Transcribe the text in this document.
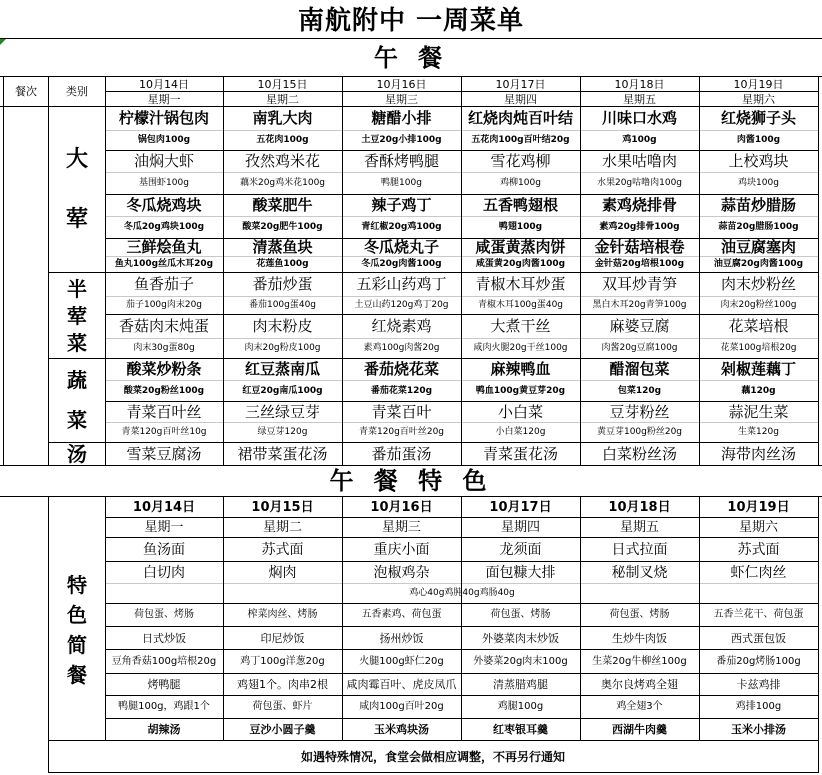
南航附中 一周菜单
午 餐
餐次	类别
10月14日	10月15日	10月16日	10月17日	10月18日	10月19日
星期一	星期二	星期三	星期四	星期五	星期六
大
荤
半
荤
菜
蔬
菜
汤
柠檬汁锅包肉	南乳大肉	糖醋小排	红烧肉炖百叶结	川味口水鸡	红烧狮子头
锅包肉100g	五花肉100g	土豆20g小排100g	五花肉100g百叶结20g	鸡100g	肉酱100g
油焖大虾	孜然鸡米花	香酥烤鸭腿	雪花鸡柳	水果咕噜肉	上校鸡块
基围虾100g	藕米20g鸡米花100g	鸭腿100g	鸡柳100g	水果20g咕噜肉100g	鸡块100g
冬瓜烧鸡块	酸菜肥牛	辣子鸡丁	五香鸭翅根	素鸡烧排骨	蒜苗炒腊肠
冬瓜20g鸡块100g	酸菜20g肥牛100g	青红椒20g鸡100g	鸭翅100g	素鸡20g排骨100g	蒜苗20g腊肠100g
三鲜烩鱼丸	清蒸鱼块	冬瓜烧丸子	咸蛋黄蒸肉饼	金针菇培根卷	油豆腐塞肉
鱼丸100g丝瓜木耳20g	花莲鱼100g	冬瓜20g肉酱100g	咸蛋黄20g肉酱100g	金针菇20g培根100g	油豆腐20g肉酱100g
鱼香茄子	番茄炒蛋	五彩山药鸡丁	青椒木耳炒蛋	双耳炒青笋	肉末炒粉丝
茄子100g肉末20g	番茄100g蛋40g	土豆山药120g鸡丁20g	青椒木耳100g蛋40g	黑白木耳20g青笋100g	肉末20g粉丝100g
香菇肉末炖蛋	肉末粉皮	红烧素鸡	大煮干丝	麻婆豆腐	花菜培根
肉末30g蛋80g	肉末20g粉皮100g	素鸡100g肉酱20g	咸肉火腿20g干丝100g	肉酱20g豆腐100g	花菜100g培根20g
酸菜炒粉条	红豆蒸南瓜	番茄烧花菜	麻辣鸭血	醋溜包菜	剁椒莲藕丁
酸菜20g粉丝100g	红豆20g南瓜100g	番茄花菜120g	鸭血100g黄豆芽20g	包菜120g	藕120g
青菜百叶丝	三丝绿豆芽	青菜百叶	小白菜	豆芽粉丝	蒜泥生菜
青菜120g百叶丝10g	绿豆芽120g	青菜120g百叶丝20g	小白菜120g	黄豆芽100g粉丝20g	生菜120g
雪菜豆腐汤	裙带菜蛋花汤	番茄蛋汤	青菜蛋花汤	白菜粉丝汤	海带肉丝汤
午 餐 特 色
10月14日	10月15日	10月16日	10月17日	10月18日	10月19日
星期一	星期二	星期三	星期四	星期五	星期六
鱼汤面	苏式面	重庆小面	龙须面	日式拉面	苏式面
白切肉	焖肉	泡椒鸡杂	面包糠大排	秘制叉烧	虾仁肉丝
鸡心40g鸡肫40g鸡肠40g
荷包蛋、烤肠	榨菜肉丝、烤肠	五香素鸡、荷包蛋	荷包蛋、烤肠	荷包蛋、烤肠	五香兰花干、荷包蛋
日式炒饭	印尼炒饭	扬州炒饭	外婆菜肉末炒饭	生炒牛肉饭	西式蛋包饭
豆角香菇100g培根20g	鸡丁100g洋葱20g	火腿100g虾仁20g	外婆菜20g肉末100g	生菜20g牛柳丝100g	番茄20g烤肠100g
烤鸭腿	鸡翅1个。肉串2根	咸肉霉百叶、虎皮凤爪	清蒸腊鸡腿	奥尔良烤鸡全翅	卡兹鸡排
鸭腿100g，鸡跟1个	荷包蛋、虾片	咸肉100g百叶20g	鸡腿100g	鸡全翅3个	鸡排100g
胡辣汤	豆沙小圆子羹	玉米鸡块汤	红枣银耳羹	西湖牛肉羹	玉米小排汤
特
色
简
餐
如遇特殊情况，食堂会做相应调整，不再另行通知
